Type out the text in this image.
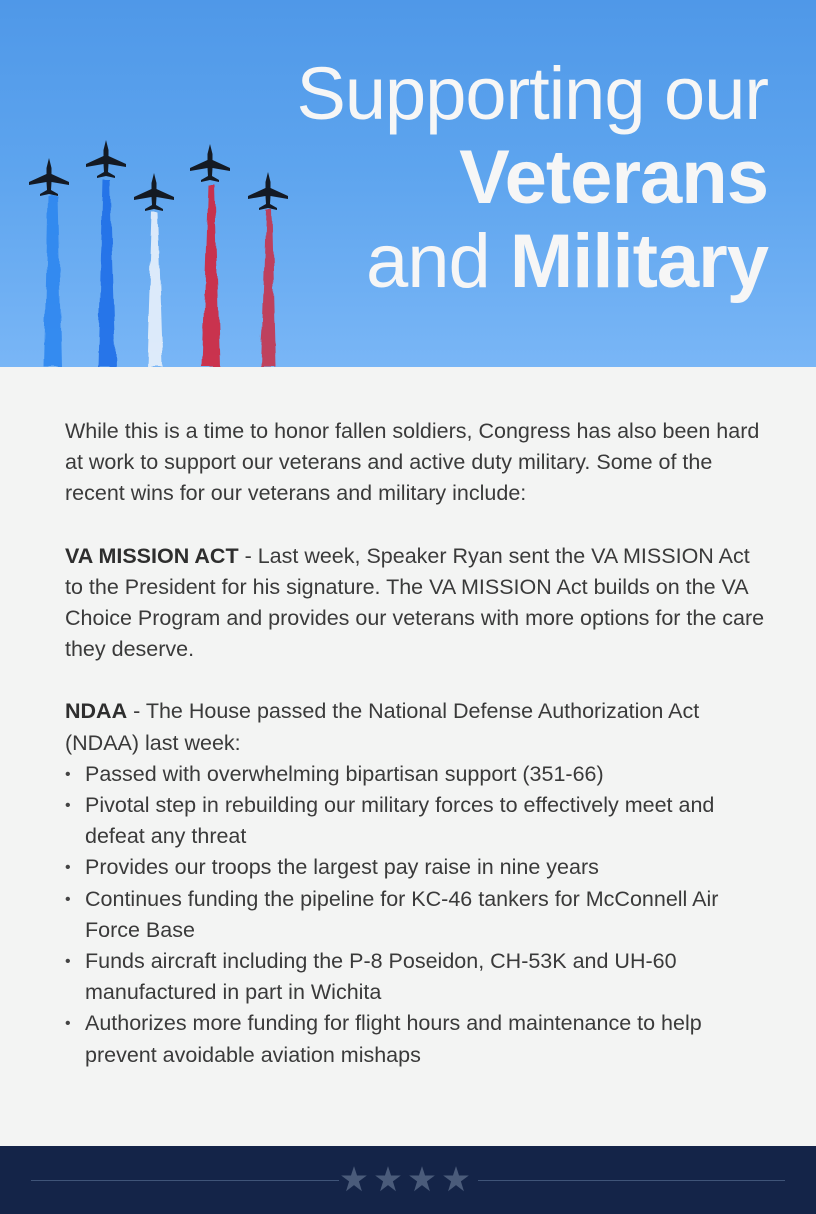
Supporting our
Veterans
and Military

While this is a time to honor fallen soldiers, Congress has also been hard at work to support our veterans and active duty military. Some of the recent wins for our veterans and military include:

VA MISSION ACT - Last week, Speaker Ryan sent the VA MISSION Act to the President for his signature. The VA MISSION Act builds on the VA Choice Program and provides our veterans with more options for the care they deserve.

NDAA - The House passed the National Defense Authorization Act (NDAA) last week:

• Passed with overwhelming bipartisan support (351-66)
• Pivotal step in rebuilding our military forces to effectively meet and defeat any threat
• Provides our troops the largest pay raise in nine years
• Continues funding the pipeline for KC-46 tankers for McConnell Air Force Base
• Funds aircraft including the P-8 Poseidon, CH-53K and UH-60 manufactured in part in Wichita
• Authorizes more funding for flight hours and maintenance to help prevent avoidable aviation mishaps
